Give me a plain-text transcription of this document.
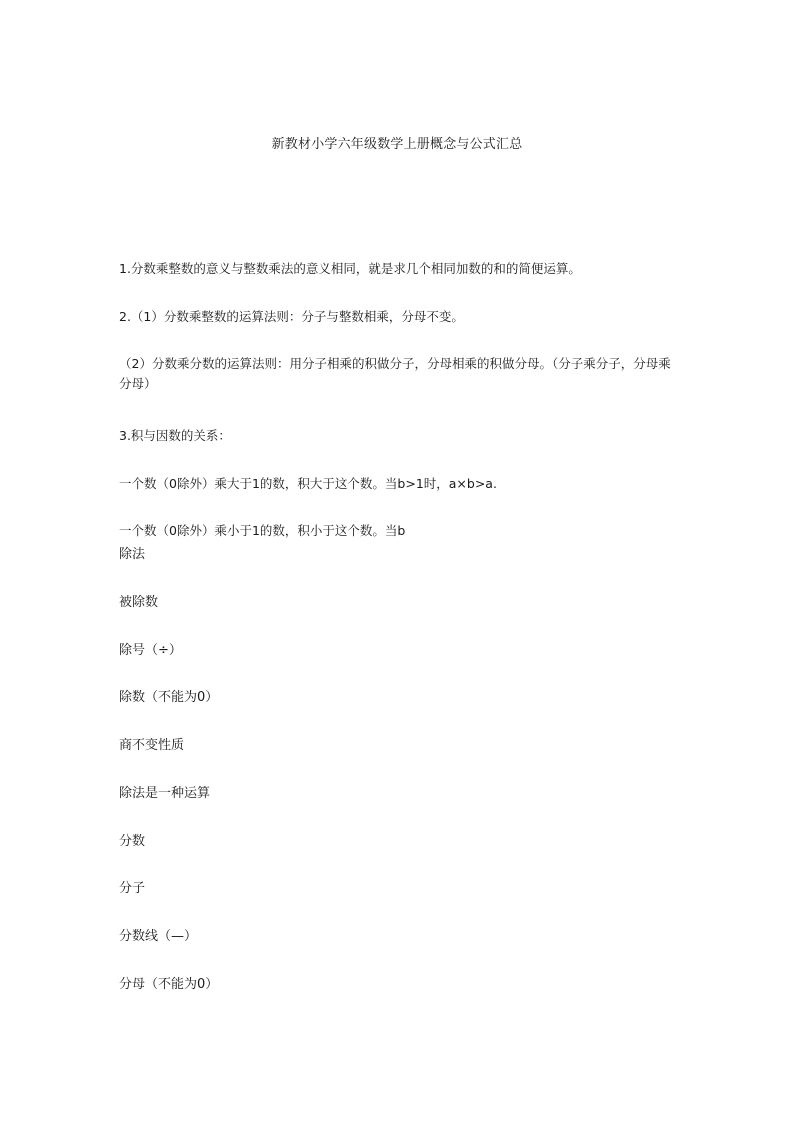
新教材小学六年级数学上册概念与公式汇总
1.分数乘整数的意义与整数乘法的意义相同，就是求几个相同加数的和的简便运算。
2.（1）分数乘整数的运算法则：分子与整数相乘，分母不变。
（2）分数乘分数的运算法则：用分子相乘的积做分子，分母相乘的积做分母。（分子乘分子，分母乘分母）
3.积与因数的关系：
一个数（0除外）乘大于1的数，积大于这个数。当b>1时，a×b>a.
一个数（0除外）乘小于1的数，积小于这个数。当b
除法
被除数
除号（÷）
除数（不能为0）
商不变性质
除法是一种运算
分数
分子
分数线（—）
分母（不能为0）
